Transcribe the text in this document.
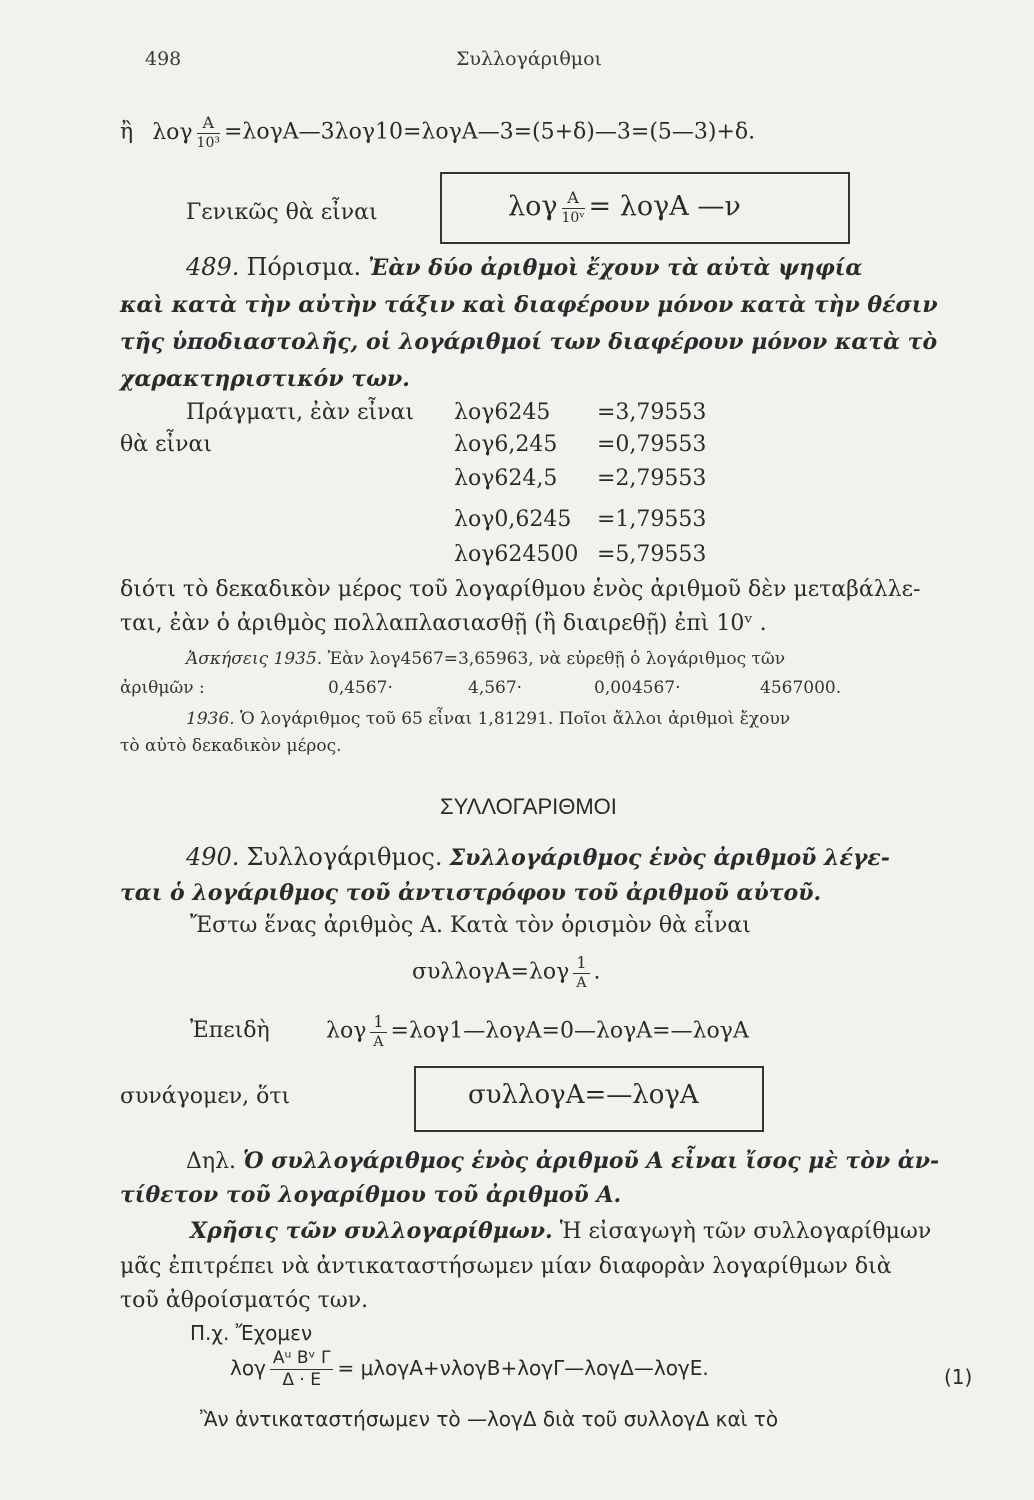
498	Συλλογάριθμοι
ἢ λογ $\frac{A}{\text{10³}}$ =λογA—3λογ10=λογA—3=(5+δ)—3=(5—3)+δ.
Γενικῶς θὰ εἶναι	λογ $\frac{A}{\text{10ᵛ}} = \lambda o\gamma A$ —ν
489. Πόρισμα. Ἐὰν δύο ἀριθμοὶ ἔχουν τὰ αὐτὰ ψηφία
καὶ κατὰ τὴν αὐτὴν τάξιν καὶ διαφέρουν μόνον κατὰ τὴν θέσιν
τῆς ὑποδιαστολῆς, οἱ λογάριθμοί των διαφέρουν μόνον κατὰ τὸ
χαρακτηριστικόν των.
Πράγματι, ἐὰν εἶναι
θὰ εἶναι
λογ6245 =3,79553
λογ6,245 =0,79553
λογ624,5 =2,79553
λογ0,6245 =1,79553
λογ624500 =5,79553
διότι τὸ δεκαδικὸν μέρος τοῦ λογαρίθμου ἑνὸς ἀριθμοῦ δὲν μεταβάλλε-
ται, ἐὰν ὁ ἀριθμὸς πολλαπλασιασθῇ (ἢ διαιρεθῇ) ἐπὶ 10ᵛ .
Ἀσκήσεις 1935. Ἐὰν λογ4567=3,65963, νὰ εὑρεθῇ ὁ λογάριθμος τῶν
ἀριθμῶν :	0,4567·	4,567·	0,004567·	4567000.
1936. Ὁ λογάριθμος τοῦ 65 εἶναι 1,81291. Ποῖοι ἄλλοι ἀριθμοὶ ἔχουν
τὸ αὐτὸ δεκαδικὸν μέρος.
ΣΥΛΛΟΓΑΡΙΘΜΟΙ
490. Συλλογάριθμος. Συλλογάριθμος ἑνὸς ἀριθμοῦ λέγε-
ται ὁ λογάριθμος τοῦ ἀντιστρόφου τοῦ ἀριθμοῦ αὐτοῦ.
Ἔστω ἕνας ἀριθμὸς A. Κατὰ τὸν ὁρισμὸν θὰ εἶναι
$\sigma\upsilon\lambda\lambda o\gamma A=\lambda o\gamma \frac{1}{A}$ .
Ἐπειδὴ	λογ $\frac{1}{A}$ =λογ1—λογA=0—λογA=—λογA
συνάγομεν, ὅτι	συλλογA=—λογA
Δηλ. Ὁ συλλογάριθμος ἑνὸς ἀριθμοῦ A εἶναι ἴσος μὲ τὸν ἀν-
τίθετον τοῦ λογαρίθμου τοῦ ἀριθμοῦ A.
Χρῆσις τῶν συλλογαρίθμων. Ἡ εἰσαγωγὴ τῶν συλλογαρίθμων
μᾶς ἐπιτρέπει νὰ ἀντικαταστήσωμεν μίαν διαφορὰν λογαρίθμων διὰ
τοῦ ἀθροίσματός των.
Π.χ. Ἔχομεν
λογ $\frac{\text{Aᵘ Bᵛ Γ}}{\Delta \cdot E}$ = μλογA+νλογB+λογΓ—λογΔ—λογE.	(1)
Ἂν ἀντικαταστήσωμεν τὸ —λογΔ διὰ τοῦ συλλογΔ καὶ τὸ
